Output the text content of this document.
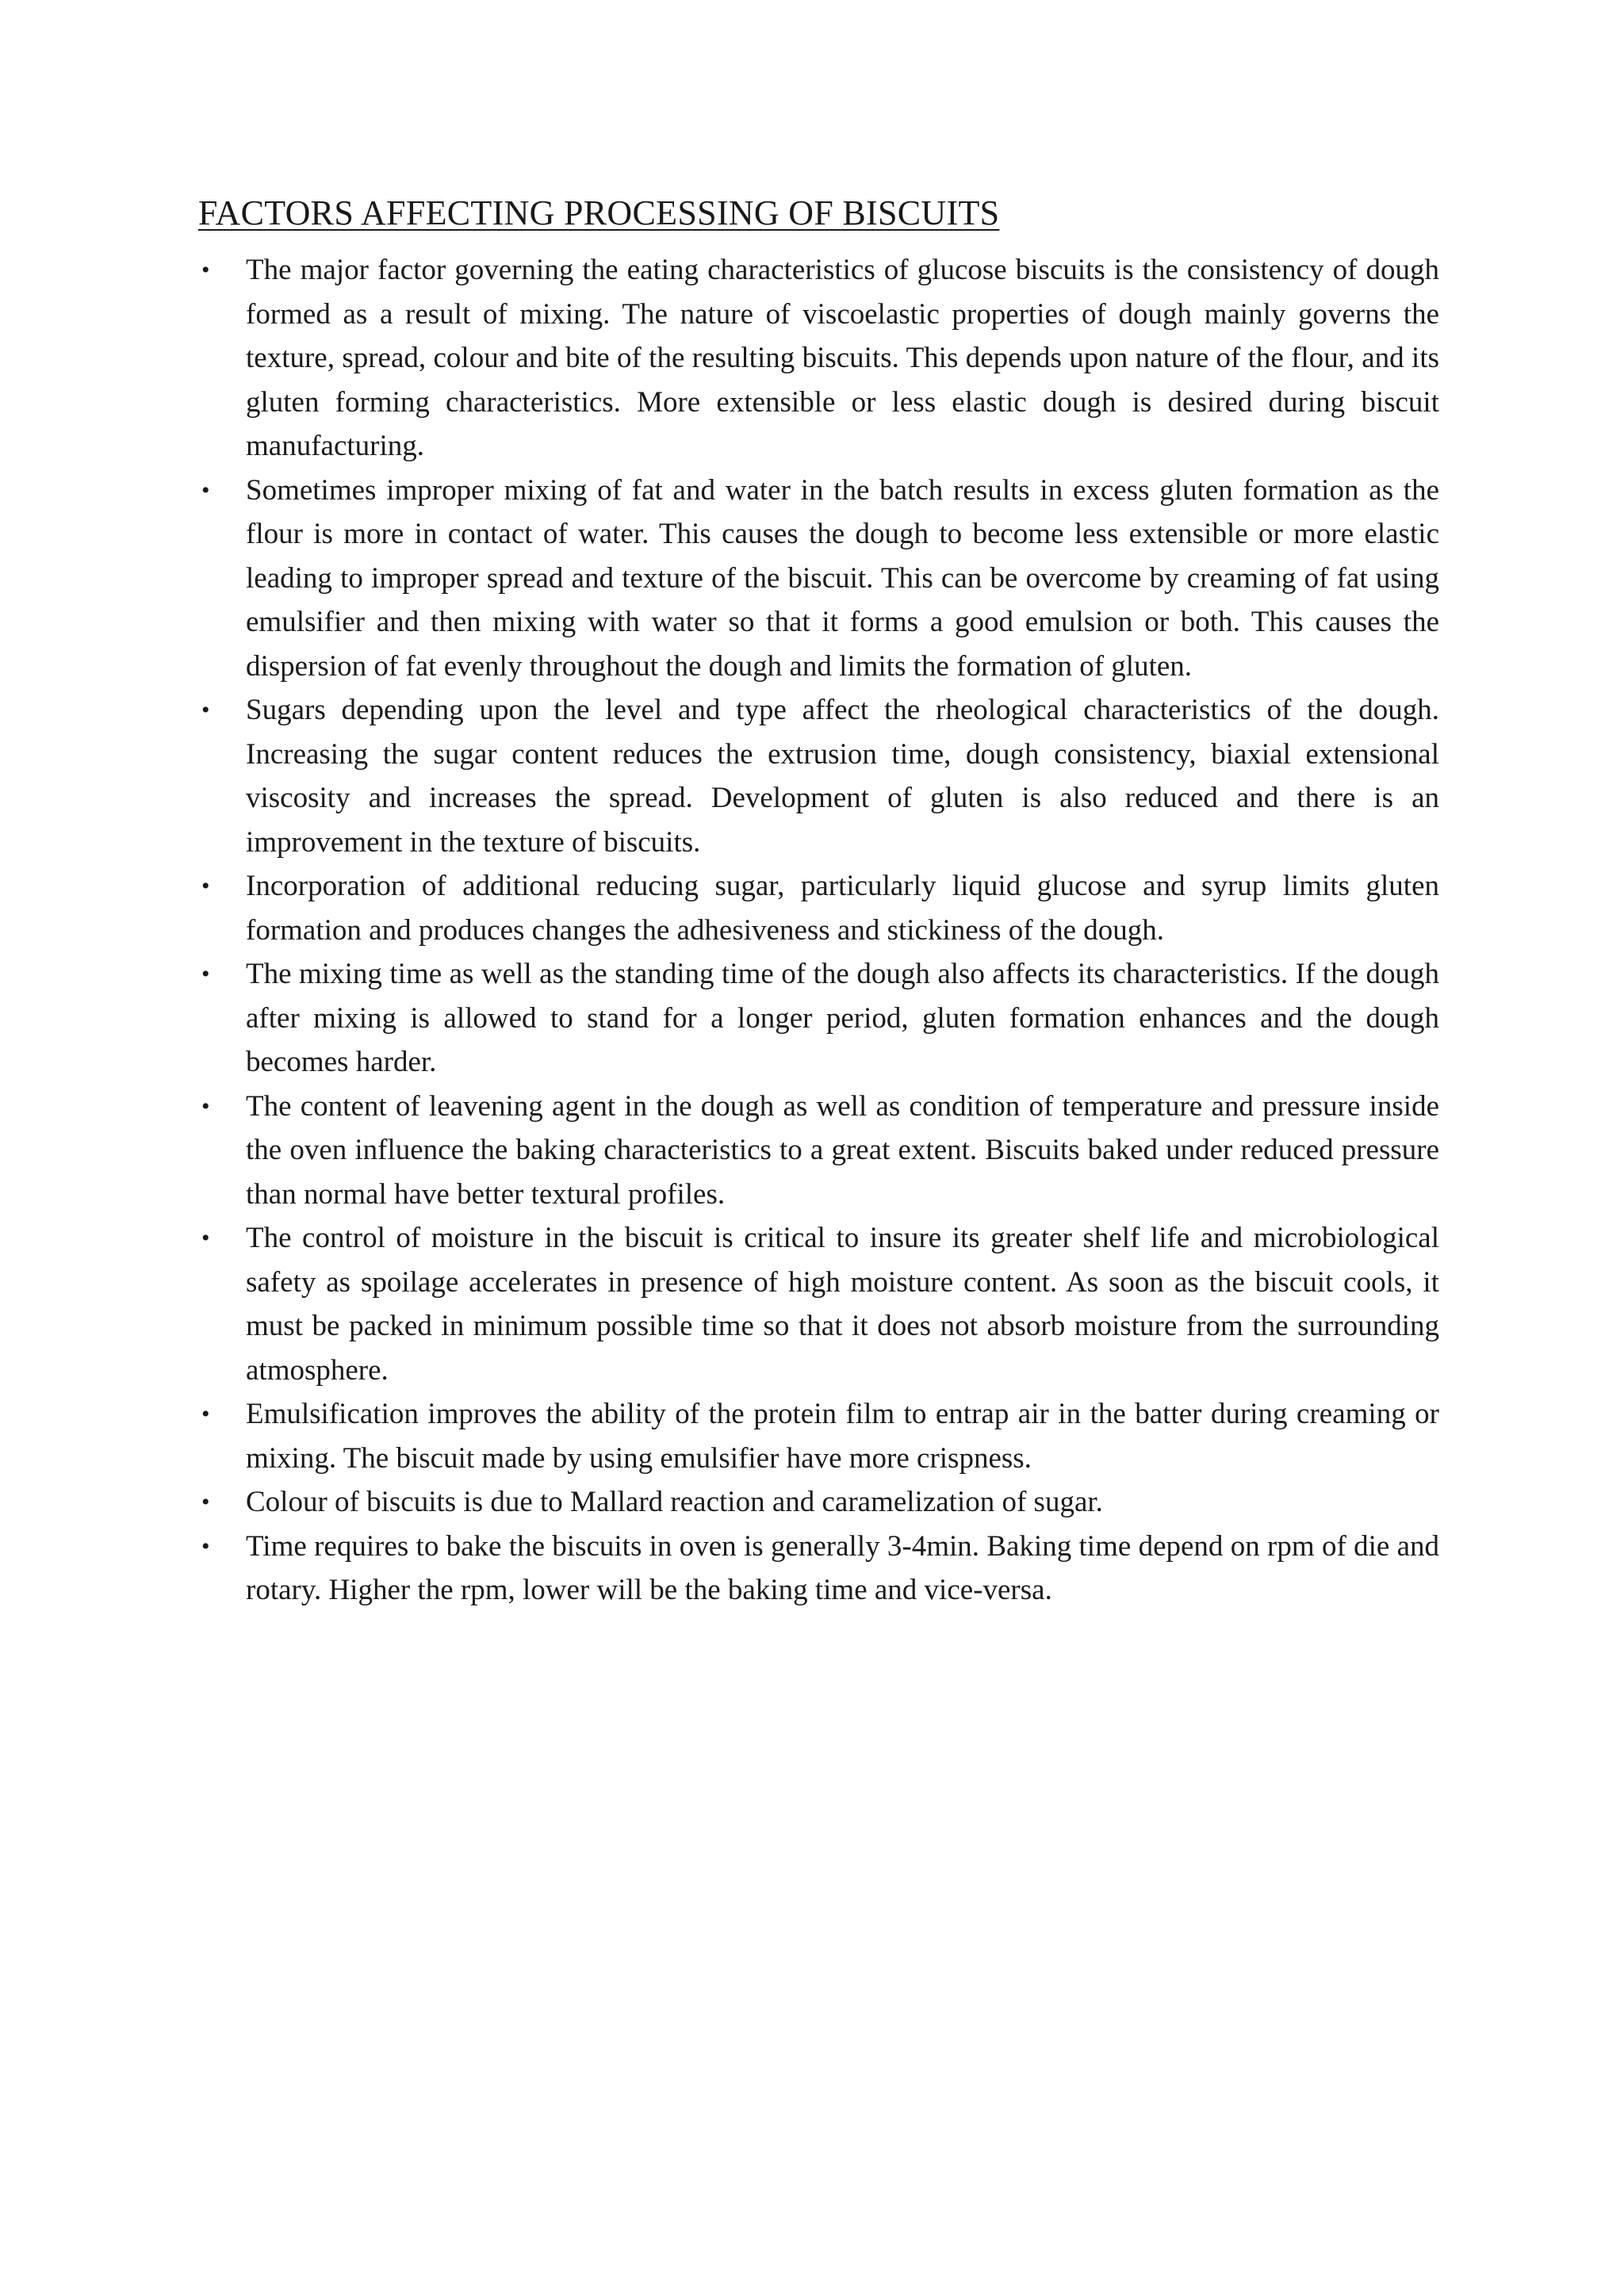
FACTORS AFFECTING PROCESSING OF BISCUITS
•	The major factor governing the eating characteristics of glucose biscuits is the consistency of dough formed as a result of mixing. The nature of viscoelastic properties of dough mainly governs the texture, spread, colour and bite of the resulting biscuits. This depends upon nature of the flour, and its gluten forming characteristics. More extensible or less elastic dough is desired during biscuit manufacturing.
•	Sometimes improper mixing of fat and water in the batch results in excess gluten formation as the flour is more in contact of water. This causes the dough to become less extensible or more elastic leading to improper spread and texture of the biscuit. This can be overcome by creaming of fat using emulsifier and then mixing with water so that it forms a good emulsion or both. This causes the dispersion of fat evenly throughout the dough and limits the formation of gluten.
•	Sugars depending upon the level and type affect the rheological characteristics of the dough. Increasing the sugar content reduces the extrusion time, dough consistency, biaxial extensional viscosity and increases the spread. Development of gluten is also reduced and there is an improvement in the texture of biscuits.
•	Incorporation of additional reducing sugar, particularly liquid glucose and syrup limits gluten formation and produces changes the adhesiveness and stickiness of the dough.
•	The mixing time as well as the standing time of the dough also affects its characteristics. If the dough after mixing is allowed to stand for a longer period, gluten formation enhances and the dough becomes harder.
•	The content of leavening agent in the dough as well as condition of temperature and pressure inside the oven influence the baking characteristics to a great extent. Biscuits baked under reduced pressure than normal have better textural profiles.
•	The control of moisture in the biscuit is critical to insure its greater shelf life and microbiological safety as spoilage accelerates in presence of high moisture content. As soon as the biscuit cools, it must be packed in minimum possible time so that it does not absorb moisture from the surrounding atmosphere.
•	Emulsification improves the ability of the protein film to entrap air in the batter during creaming or mixing. The biscuit made by using emulsifier have more crispness.
•	Colour of biscuits is due to Mallard reaction and caramelization of sugar.
•	Time requires to bake the biscuits in oven is generally 3-4min. Baking time depend on rpm of die and rotary. Higher the rpm, lower will be the baking time and vice-versa.
